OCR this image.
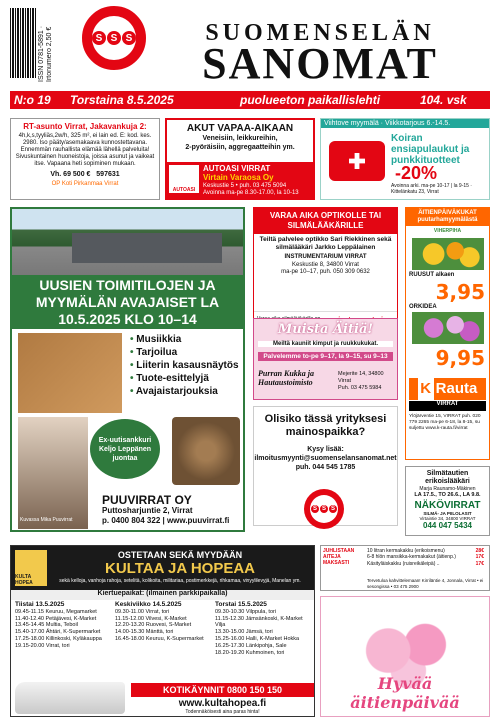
ISSN 0781-5891 · Irtonumero 2,50 €	S S S	SUOMENSELÄN
SANOMAT
N:o 19 Torstaina 8.5.2025	puolueeton paikallislehti	104. vsk
RT-asunto Virrat, Jakavankuja 2:
4h,k,s,tyyliäs,2w/h, 325 m², ei lain ed. E: kod. kes. 2980. Iso pääty/asemakaava kunnostettavana. Ennemmän rauhallista elämää lähellä palveluita! Sivuskuntainen huoneistoja, joissa asunut ja vaikeat itse. Vapaana heti sopiminen mukaan.
Vh. 69 500 € 597631
OP Koti Pirkanmaa Virrat
AKUT VAPAA-AIKAAN
Veneisiin, leikkureihin,
2-pyöräisiin, aggregaatteihin ym.
AUTOASI
AUTOASI VIRRAT
Virtain Varaosa Oy
Keskustie 5 • puh. 03 475 5094
Avoinna ma-pe 8.30-17.00, la 10-13
Viihtove myymälä · Viikkotarjous 6.-14.5.
Koiran ensiapulaukut ja punkkituotteet
-20%
Avoinna arki. ma-pe 10-17 | la 9-15 · Kittelänkatu 23, Virrat
UUSIEN TOIMITILOJEN JA MYYMÄLÄN AVAJAISET LA 10.5.2025 KLO 10–14
• Musiikkia
• Tarjoilua
• Liiterin kasausnäytös
• Tuote-esittelyjä
• Avajaistarjouksia
Kuvassa Mika Puuvirrat
Ex-uutisankkuri Keljo Leppänen juontaa
PUUVIRRAT OY
Puttosharjuntie 2, Virrat
p. 0400 804 322 | www.puuvirrat.fi
VARAA AIKA OPTIKOLLE TAI SILMÄLÄÄKÄRILLE
Teiltä palvelee optikko Sari Riekkinen sekä silmälääkäri Jarkko Leppälainen
INSTRUMENTARIUM VIRRAT
Keskustie 8, 34800 Virrat
ma-pe 10–17, puh. 050 309 0632
Muista Äitiä!
Meiltä kauniit kimput ja ruukkukukat.
Palvelemme to-pe 9–17, la 9–15, su 9–13
Purran Kukka ja Hautaustoimisto
Mejerite 14, 34800 Virrat
Puh. 03 475 5984
Olisiko tässä yrityksesi mainospaikka?
Kysy lisää:
ilmoitusmyynti@suomenselansanomat.net
puh. 044 545 1785
S S S
ÄITIENPÄIVÄKUKAT puutarhamyymälästä
VIHERPIHA
RUUSUT alkaen
3,95
ORKIDEA
9,95
K Rauta
VIRRAT
Ylöjärventie 15, VIRRAT puh. 020 779 2265 ma-pe 6-18, la 8-15, su suljettu www.k-rauta.fi/virrat
Silmätautien erikoislääkäri
Marja Raunamo-Mäkinen
LA 17.5., TO 26.6., LA 9.8.
NÄKÖVIRRAT
SILMÄ- JA PIILOLASIT
Virtaintie 34, 34800 VIRRAT
044 047 5434
KULTA HOPEA
OSTETAAN SEKÄ MYYDÄÄN
KULTAA JA HOPEAA
sekä kelloja, vanhoja rahoja, setelitä, kolikoita, militariaa, postimerkkejä, rihkamaa, vinyylilevyjä, Manelan ym.
Kiertuepaikat: (ilmainen parkkipaikalla)
Tiistai 13.5.2025
09.45-11.15 Keuruu, Megamarket
11.40-12.40 Petäjävesi, K-Market
13.45-14.45 Multia, Teboil
15.40-17.00 Ähtäri, K-Supermarket
17.25-18.00 Killinkoski, Kyläkauppa
19.15-20.00 Virrat, tori
Keskiviikko 14.5.2025
09.30-11.00 Virrat, tori
11.15-12.00 Vilvesi, K-Market
12.20-13.20 Ruovesi, S-Market
14.00-15.30 Mänttä, tori
16.45-18.00 Keuruu, K-Supermarket
Torstai 15.5.2025
09.30-10.30 Vilppula, tori
11.15-12.30 Jämsänkoski, K-Market Vilja
13.30-15.00 Jämsä, tori
15.25-16.00 Halli, K-Market Hokka
16.25-17.30 Länkipohja, Sale
18.20-19.20 Kuhmoinen, tori
KOTIKÄYNNIT 0800 150 150
www.kultahopea.fi
Todennäköisesti aina paras hinta!
JUHLISTAAN AITEJA MAKSASTI
10 litran kermakakku (erikoismenu)	28€
6-8 hlön mansikka-kermakakut (äitienp.)	17€
Käsityläiskakku (ruisreikäleipä) ..	17€
Tervetuloa kahvittelemaan! Kirriläntie 4, Jonnala, Virrat • ei sesongissa • 03 475 2900
Hyvää äitienpäivää
